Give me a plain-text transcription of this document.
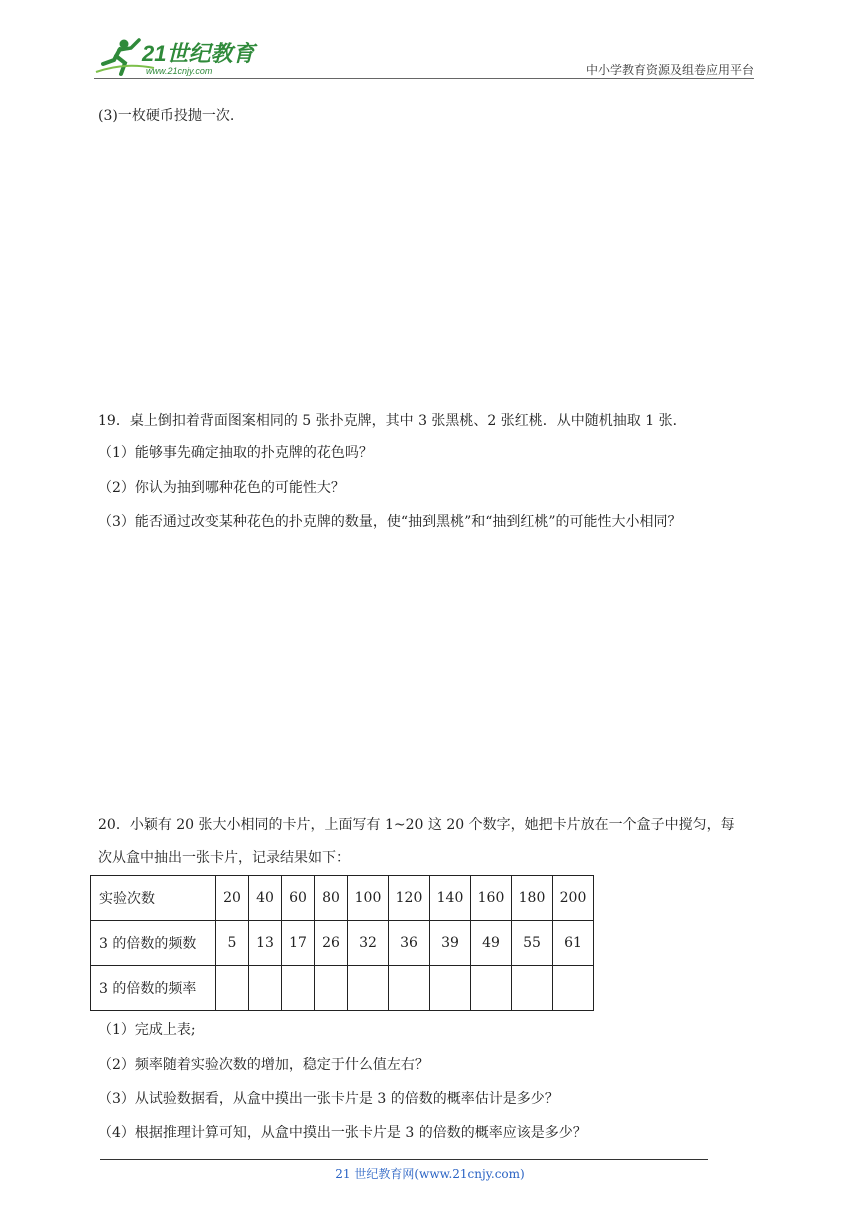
21世纪教育
www.21cnjy.com	中小学教育资源及组卷应用平台
(3)一枚硬币投抛一次.
19．桌上倒扣着背面图案相同的 5 张扑克牌，其中 3 张黑桃、2 张红桃．从中随机抽取 1 张．
（1）能够事先确定抽取的扑克牌的花色吗？
（2）你认为抽到哪种花色的可能性大？
（3）能否通过改变某种花色的扑克牌的数量，使“抽到黑桃”和“抽到红桃”的可能性大小相同？
20．小颖有 20 张大小相同的卡片，上面写有 1~20 这 20 个数字，她把卡片放在一个盒子中搅匀，每
次从盒中抽出一张卡片，记录结果如下：
实验次数	20	40	60	80	100	120	140	160	180	200
3 的倍数的频数	5	13	17	26	32	36	39	49	55	61
3 的倍数的频率										
（1）完成上表;
（2）频率随着实验次数的增加，稳定于什么值左右？
（3）从试验数据看，从盒中摸出一张卡片是 3 的倍数的概率估计是多少？
（4）根据推理计算可知，从盒中摸出一张卡片是 3 的倍数的概率应该是多少？
21 世纪教育网(www.21cnjy.com)
